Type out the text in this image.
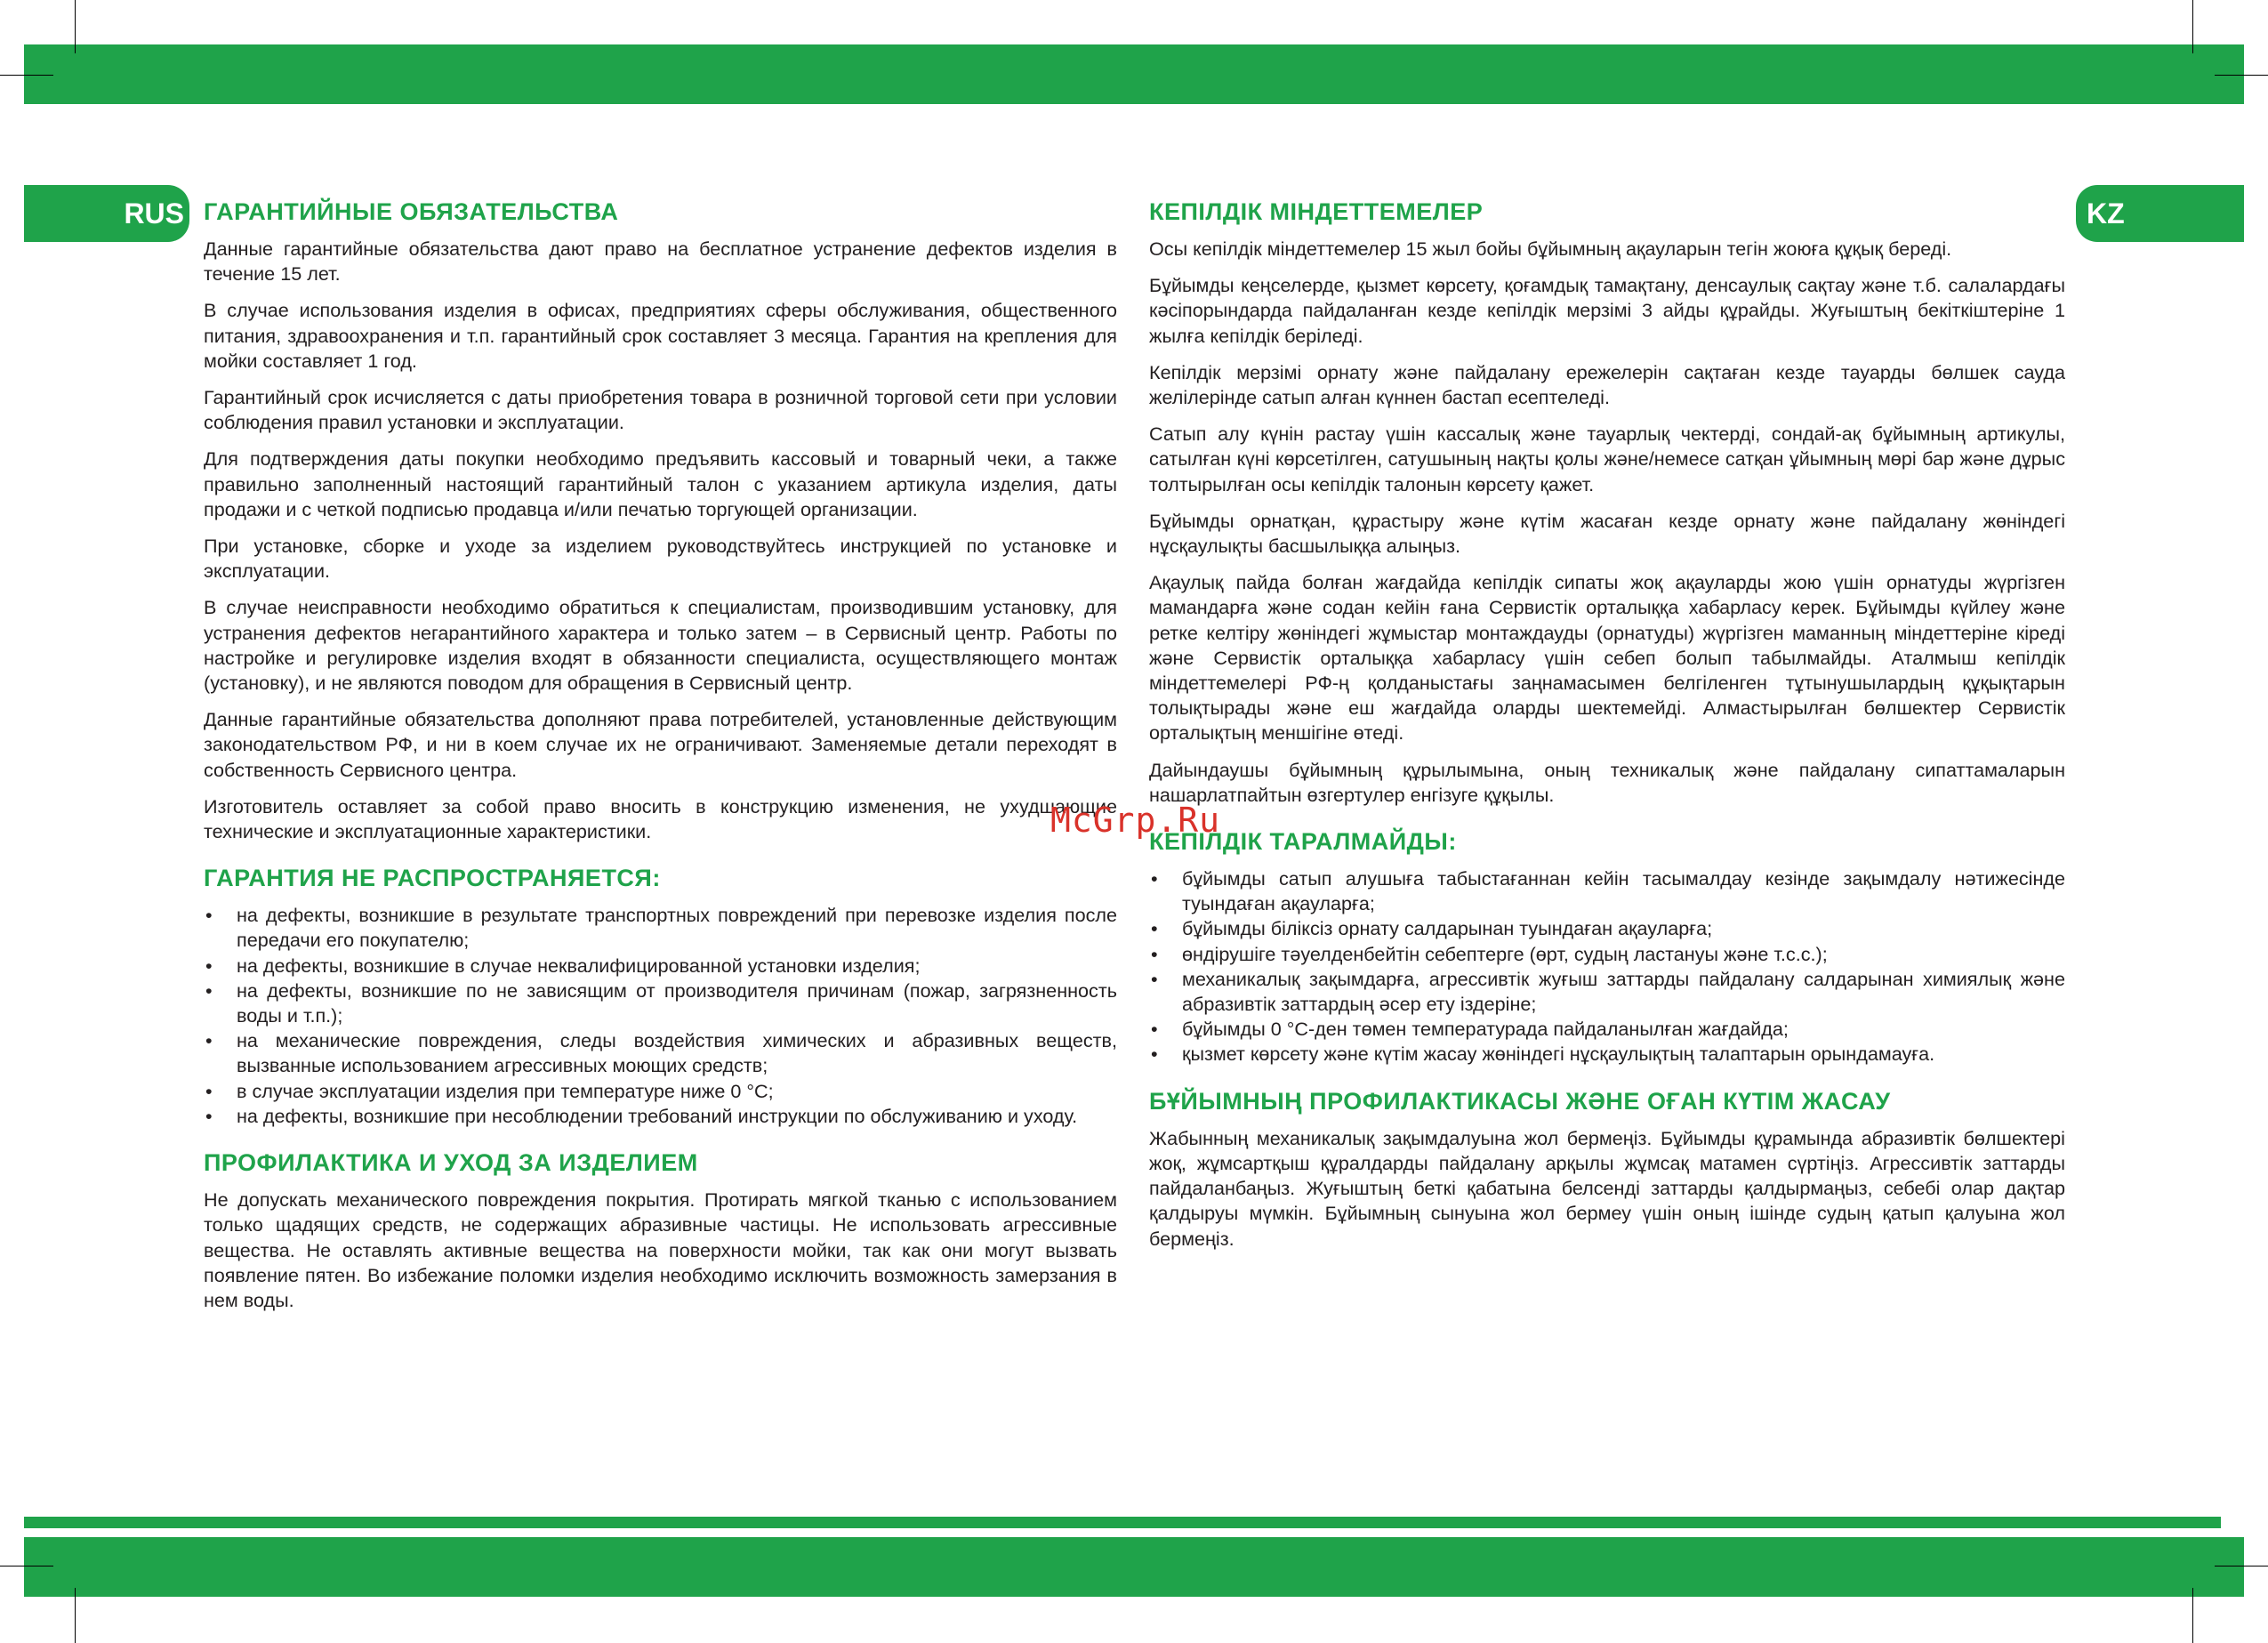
RUS	KZ
ГАРАНТИЙНЫЕ ОБЯЗАТЕЛЬСТВА

Данные гарантийные обязательства дают право на бесплатное устранение дефектов изделия в течение 15 лет.

В случае использования изделия в офисах, предприятиях сферы обслуживания, общественного питания, здравоохранения и т.п. гарантийный срок составляет 3 месяца. Гарантия на крепления для мойки составляет 1 год.

Гарантийный срок исчисляется с даты приобретения товара в розничной торговой сети при условии соблюдения правил установки и эксплуатации.

Для подтверждения даты покупки необходимо предъявить кассовый и товарный чеки, а также правильно заполненный настоящий гарантийный талон с указанием артикула изделия, даты продажи и с четкой подписью продавца и/или печатью торгующей организации.

При установке, сборке и уходе за изделием руководствуйтесь инструкцией по установке и эксплуатации.

В случае неисправности необходимо обратиться к специалистам, производившим установку, для устранения дефектов негарантийного характера и только затем – в Сервисный центр. Работы по настройке и регулировке изделия входят в обязанности специалиста, осуществляющего монтаж (установку), и не являются поводом для обращения в Сервисный центр.

Данные гарантийные обязательства дополняют права потребителей, установленные действующим законодательством РФ, и ни в коем случае их не ограничивают. Заменяемые детали переходят в собственность Сервисного центра.

Изготовитель оставляет за собой право вносить в конструкцию изменения, не ухудшающие технические и эксплуатационные характеристики.

ГАРАНТИЯ НЕ РАСПРОСТРАНЯЕТСЯ:
• на дефекты, возникшие в результате транспортных повреждений при перевозке изделия после передачи его покупателю;
• на дефекты, возникшие в случае неквалифицированной установки изделия;
• на дефекты, возникшие по не зависящим от производителя причинам (пожар, загрязненность воды и т.п.);
• на механические повреждения, следы воздействия химических и абразивных веществ, вызванные использованием агрессивных моющих средств;
• в случае эксплуатации изделия при температуре ниже 0 °С;
• на дефекты, возникшие при несоблюдении требований инструкции по обслуживанию и уходу.
ПРОФИЛАКТИКА И УХОД ЗА ИЗДЕЛИЕМ

Не допускать механического повреждения покрытия. Протирать мягкой тканью с использованием только щадящих средств, не содержащих абразивные частицы. Не использовать агрессивные вещества. Не оставлять активные вещества на поверхности мойки, так как они могут вызвать появление пятен. Во избежание поломки изделия необходимо исключить возможность замерзания в нем воды.

КЕПІЛДІК МІНДЕТТЕМЕЛЕР

Осы кепілдік міндеттемелер 15 жыл бойы бұйымның ақауларын тегін жоюға құқық береді.

Бұйымды кеңселерде, қызмет көрсету, қоғамдық тамақтану, денсаулық сақтау және т.б. салалардағы кәсіпорындарда пайдаланған кезде кепілдік мерзімі 3 айды құрайды. Жуғыштың бекіткіштеріне 1 жылға кепілдік беріледі.

Кепілдік мерзімі орнату және пайдалану ережелерін сақтаған кезде тауарды бөлшек сауда желілерінде сатып алған күннен бастап есептеледі.

Сатып алу күнін растау үшін кассалық және тауарлық чектерді, сондай-ақ бұйымның артикулы, сатылған күні көрсетілген, сатушының нақты қолы және/немесе сатқан ұйымның мөрі бар және дұрыс толтырылған осы кепілдік талонын көрсету қажет.

Бұйымды орнатқан, құрастыру және күтім жасаған кезде орнату және пайдалану жөніндегі нұсқаулықты басшылыққа алыңыз.

Ақаулық пайда болған жағдайда кепілдік сипаты жоқ ақауларды жою үшін орнатуды жүргізген мамандарға және содан кейін ғана Сервистік орталыққа хабарласу керек. Бұйымды күйлеу және ретке келтіру жөніндегі жұмыстар монтаждауды (орнатуды) жүргізген маманның міндеттеріне кіреді және Сервистік орталыққа хабарласу үшін себеп болып табылмайды. Аталмыш кепілдік міндеттемелері РФ-ң қолданыстағы заңнамасымен белгіленген тұтынушылардың құқықтарын толықтырады және еш жағдайда оларды шектемейді. Алмастырылған бөлшектер Сервистік орталықтың меншігіне өтеді.

Дайындаушы бұйымның құрылымына, оның техникалық және пайдалану сипаттамаларын нашарлатпайтын өзгертулер енгізуге құқылы.

КЕПІЛДІК ТАРАЛМАЙДЫ:
• бұйымды сатып алушыға табыстағаннан кейін тасымалдау кезінде зақымдалу нәтижесінде туындаған ақауларға;
• бұйымды біліксіз орнату салдарынан туындаған ақауларға;
• өндірушіге тәуелденбейтін себептерге (өрт, судың ластануы және т.с.с.);
• механикалық зақымдарға, агрессивтік жуғыш заттарды пайдалану салдарынан химиялық және абразивтік заттардың әсер ету іздеріне;
• бұйымды 0 °С-ден төмен температурада пайдаланылған жағдайда;
• қызмет көрсету және күтім жасау жөніндегі нұсқаулықтың талаптарын орындамауға.
БҰЙЫМНЫҢ ПРОФИЛАКТИКАСЫ ЖӘНЕ ОҒАН КҮТІМ ЖАСАУ

Жабынның механикалық зақымдалуына жол бермеңіз. Бұйымды құрамында абразивтік бөлшектері жоқ, жұмсартқыш құралдарды пайдалану арқылы жұмсақ матамен сүртіңіз. Агрессивтік заттарды пайдаланбаңыз. Жуғыштың беткі қабатына белсенді заттарды қалдырмаңыз, себебі олар дақтар қалдыруы мүмкін. Бұйымның сынуына жол бермеу үшін оның ішінде судың қатып қалуына жол бермеңіз.

McGrp.Ru
